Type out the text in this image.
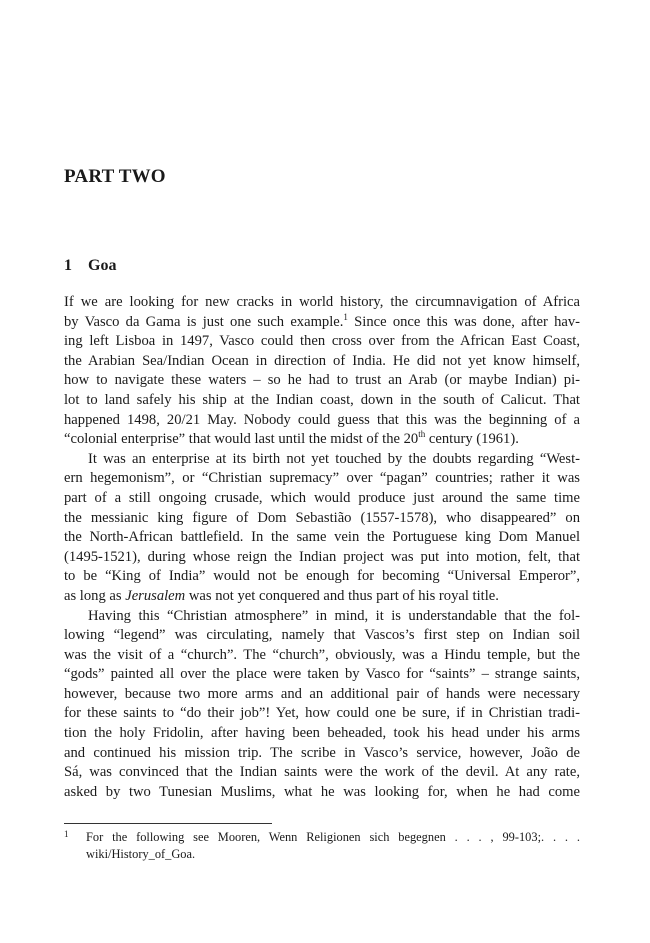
PART TWO
1 Goa
If we are looking for new cracks in world history, the circumnavigation of Africa
by Vasco da Gama is just one such example.$^1$ Since once this was done, after hav-
ing left Lisboa in 1497, Vasco could then cross over from the African East Coast,
the Arabian Sea/Indian Ocean in direction of India. He did not yet know himself,
how to navigate these waters – so he had to trust an Arab (or maybe Indian) pi-
lot to land safely his ship at the Indian coast, down in the south of Calicut. That
happened 1498, 20/21 May. Nobody could guess that this was the beginning of a
“colonial enterprise” that would last until the midst of the 20th century (1961).
It was an enterprise at its birth not yet touched by the doubts regarding “West-
ern hegemonism”, or “Christian supremacy” over “pagan” countries; rather it was
part of a still ongoing crusade, which would produce just around the same time
the messianic king figure of Dom Sebastião (1557-1578), who disappeared” on
the North-African battlefield. In the same vein the Portuguese king Dom Manuel
(1495-1521), during whose reign the Indian project was put into motion, felt, that
to be “King of India” would not be enough for becoming “Universal Emperor”,
as long as Jerusalem was not yet conquered and thus part of his royal title.
Having this “Christian atmosphere” in mind, it is understandable that the fol-
lowing “legend” was circulating, namely that Vascos’s first step on Indian soil
was the visit of a “church”. The “church”, obviously, was a Hindu temple, but the
“gods” painted all over the place were taken by Vasco for “saints” – strange saints,
however, because two more arms and an additional pair of hands were necessary
for these saints to “do their job”! Yet, how could one be sure, if in Christian tradi-
tion the holy Fridolin, after having been beheaded, took his head under his arms
and continued his mission trip. The scribe in Vasco’s service, however, João de
Sá, was convinced that the Indian saints were the work of the devil. At any rate,
asked by two Tunesian Muslims, what he was looking for, when he had come
1	For the following see Mooren, Wenn Religionen sich begegnen . . . , 99-103;. . . .
wiki/History_of_Goa.
